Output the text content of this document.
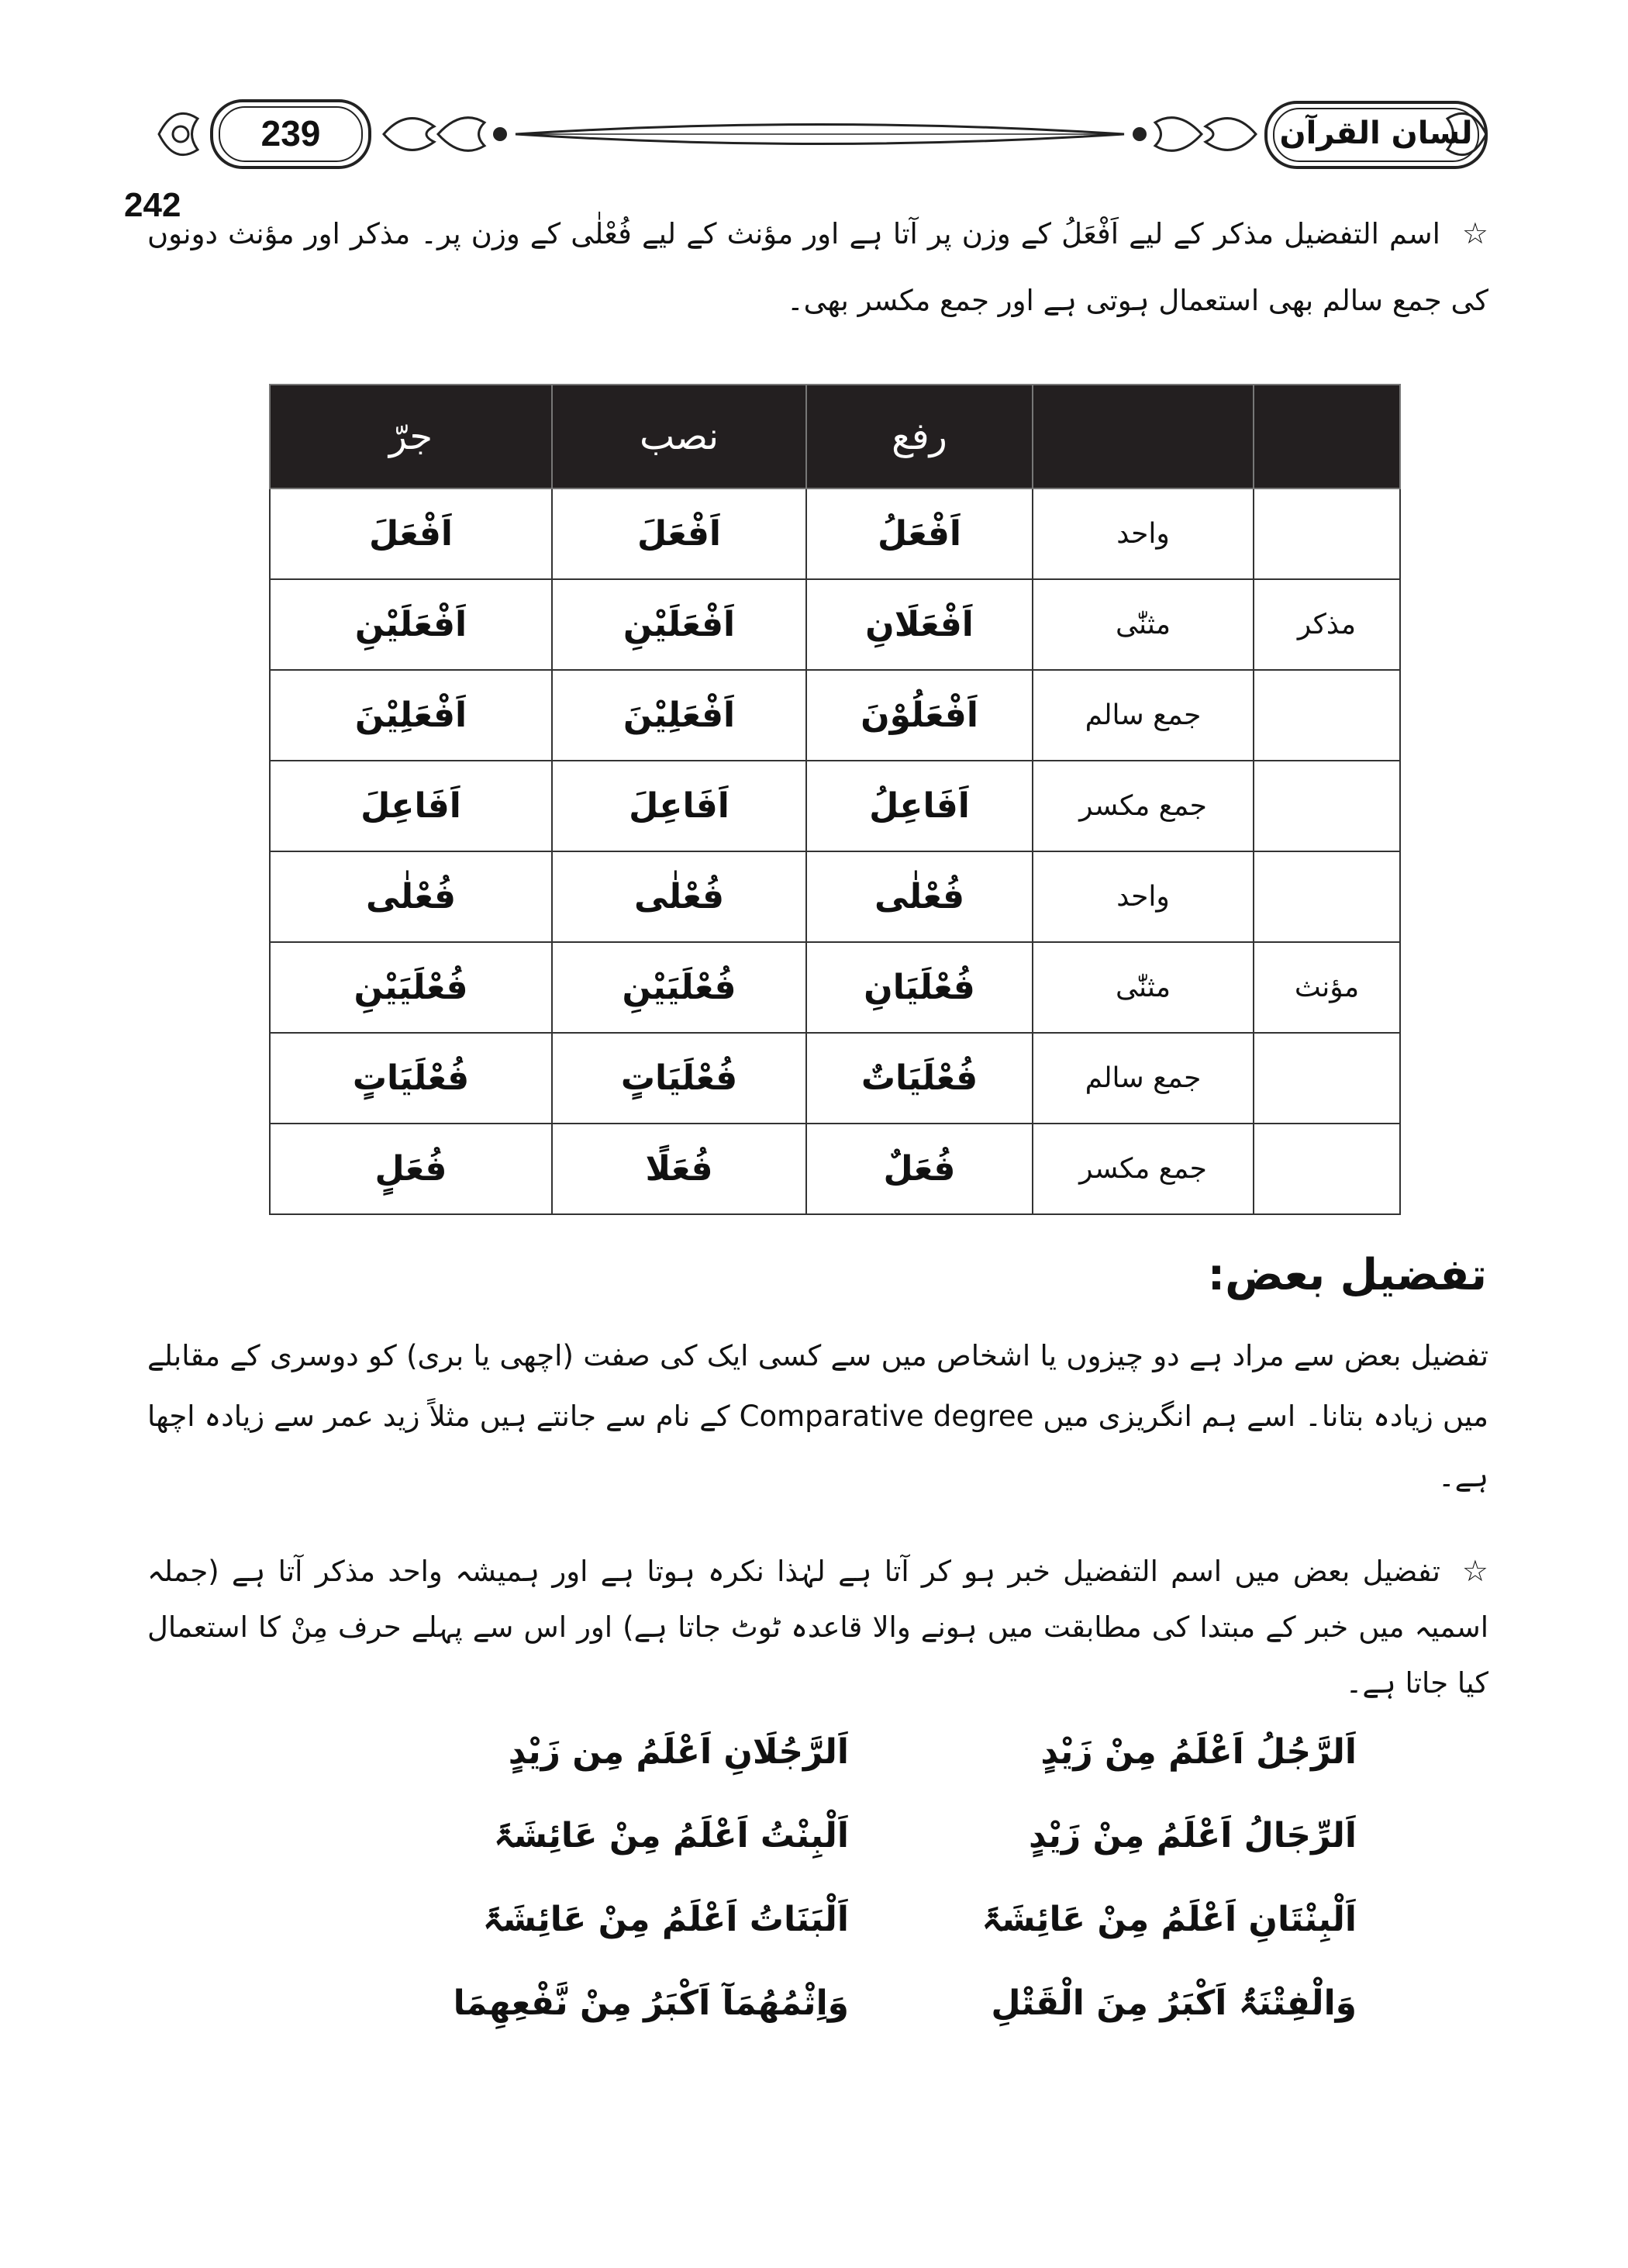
239	لسان القرآن
242
☆اسم التفضیل مذکر کے لیے اَفْعَلُ کے وزن پر آتا ہے اور مؤنث کے لیے فُعْلٰی کے وزن پر۔ مذکر اور مؤنث دونوں کی جمع سالم بھی استعمال ہوتی ہے اور جمع مکسر بھی۔
جرّ	نصب	رفع		
اَفْعَلَ	اَفْعَلَ	اَفْعَلُ	واحد	
اَفْعَلَیْنِ	اَفْعَلَیْنِ	اَفْعَلَانِ	مثنّٰی	مذکر
اَفْعَلِیْنَ	اَفْعَلِیْنَ	اَفْعَلُوْنَ	جمع سالم	
اَفَاعِلَ	اَفَاعِلَ	اَفَاعِلُ	جمع مکسر	
فُعْلٰی	فُعْلٰی	فُعْلٰی	واحد	
فُعْلَیَیْنِ	فُعْلَیَیْنِ	فُعْلَیَانِ	مثنّٰی	مؤنث
فُعْلَیَاتٍ	فُعْلَیَاتٍ	فُعْلَیَاتٌ	جمع سالم	
فُعَلٍ	فُعَلًا	فُعَلٌ	جمع مکسر	
تفضیل بعض:
تفضیل بعض سے مراد ہے دو چیزوں یا اشخاص میں سے کسی ایک کی صفت (اچھی یا بری) کو دوسری کے مقابلے میں زیادہ بتانا۔ اسے ہم انگریزی میں Comparative degree کے نام سے جانتے ہیں مثلاً زید عمر سے زیادہ اچھا ہے۔
☆تفضیل بعض میں اسم التفضیل خبر ہو کر آتا ہے لہٰذا نکرہ ہوتا ہے اور ہمیشہ واحد مذکر آتا ہے (جملہ اسمیہ میں خبر کے مبتدا کی مطابقت میں ہونے والا قاعدہ ٹوٹ جاتا ہے) اور اس سے پہلے حرف مِنْ کا استعمال کیا جاتا ہے۔
اَلرَّجُلُ اَعْلَمُ مِنْ زَیْدٍ
اَلرَّجُلَانِ اَعْلَمُ مِن زَیْدٍ
اَلرِّجَالُ اَعْلَمُ مِنْ زَیْدٍ
اَلْبِنْتُ اَعْلَمُ مِنْ عَائِشَۃَ
اَلْبِنْتَانِ اَعْلَمُ مِنْ عَائِشَۃَ
اَلْبَنَاتُ اَعْلَمُ مِنْ عَائِشَۃَ
وَالْفِتْنَۃُ اَکْبَرُ مِنَ الْقَتْلِ
وَاِثْمُھُمَآ اَکْبَرُ مِنْ نَّفْعِھِمَا
